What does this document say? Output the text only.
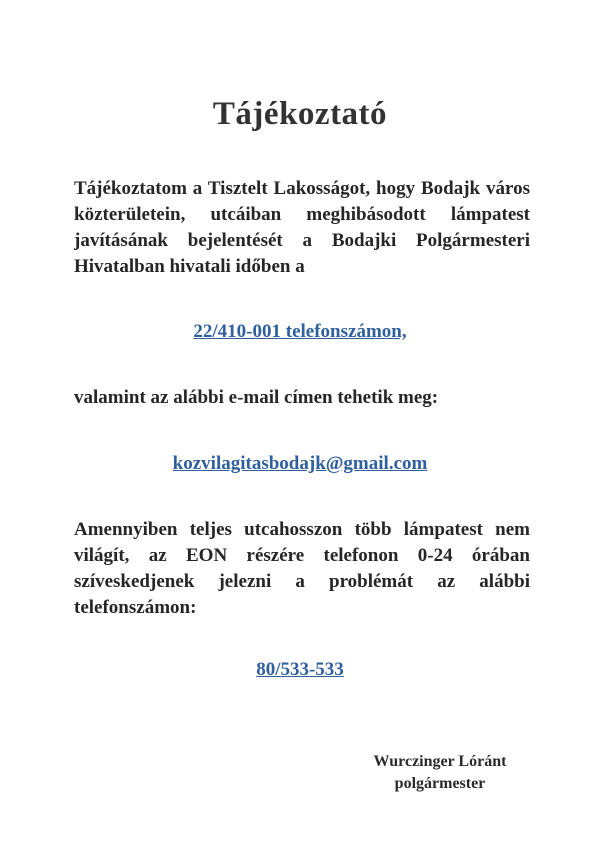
Tájékoztató
Tájékoztatom a Tisztelt Lakosságot, hogy Bodajk város közterületein, utcáiban meghibásodott lámpatest javításának bejelentését a Bodajki Polgármesteri Hivatalban hivatali időben a
22/410-001 telefonszámon,
valamint az alábbi e-mail címen tehetik meg:
kozvilagitasbodajk@gmail.com
Amennyiben teljes utcahosszon több lámpatest nem világít, az EON részére telefonon 0-24 órában szíveskedjenek jelezni a problémát az alábbi telefonszámon:
80/533-533
Wurczinger Lóránt
polgármester
